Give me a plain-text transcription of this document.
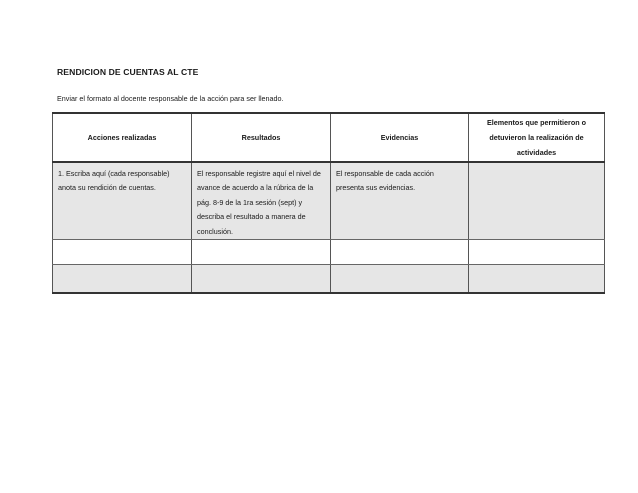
RENDICION DE CUENTAS AL CTE
Enviar el formato al docente responsable de la acción para ser llenado.
Acciones realizadas	Resultados	Evidencias	Elementos que permitieron o detuvieron la realización de actividades
1. Escriba aquí (cada responsable) anota su rendición de cuentas.	El responsable registre aquí el nivel de avance de acuerdo a la rúbrica de la pág. 8-9 de la 1ra sesión (sept) y describa el resultado a manera de conclusión.	El responsable de cada acción presenta sus evidencias.	
